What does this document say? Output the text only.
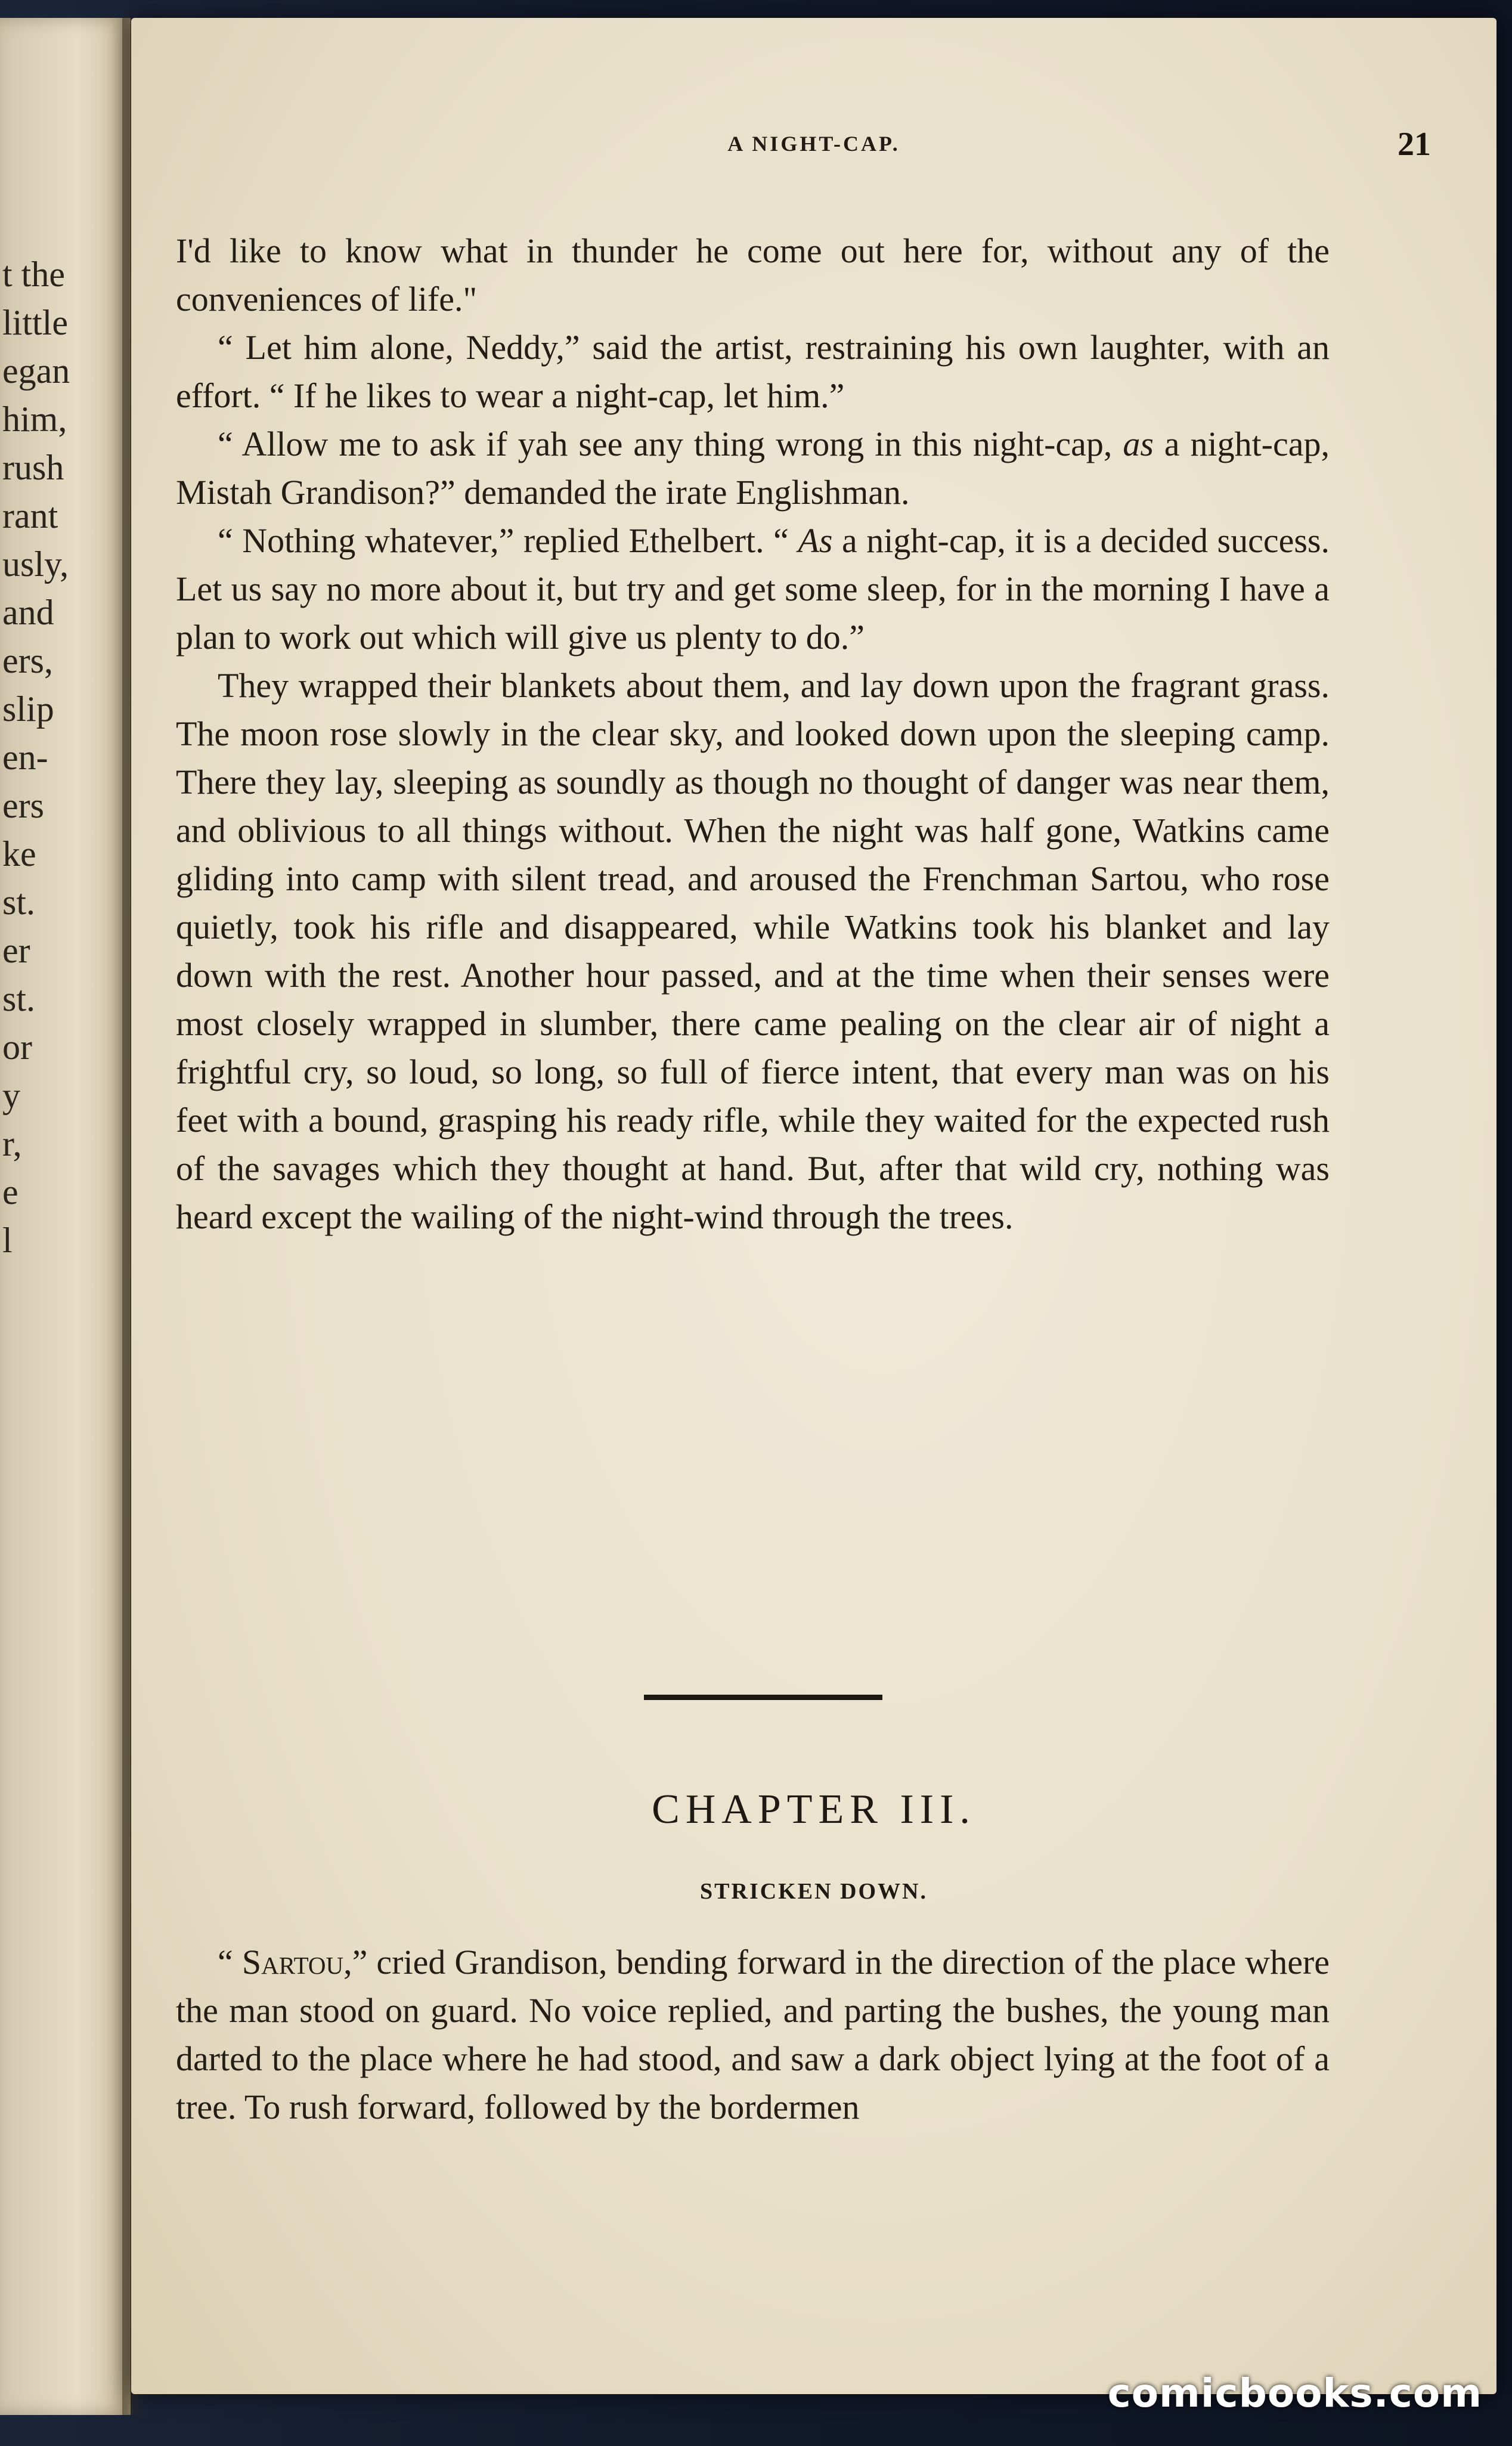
t the
little
egan
him,
rush
rant
usly,
and
ers,
slip
en-
ers
ke
st.
er
st.
or
y
r,
e
l
A NIGHT-CAP.	21

I'd like to know what in thunder he come out here for, without any of the conveniences of life."

“ Let him alone, Neddy,” said the artist, restraining his own laughter, with an effort. “ If he likes to wear a night-cap, let him.”

“ Allow me to ask if yah see any thing wrong in this night-cap, as a night-cap, Mistah Grandison?” demanded the irate Englishman.

“ Nothing whatever,” replied Ethelbert. “ As a night-cap, it is a decided success. Let us say no more about it, but try and get some sleep, for in the morning I have a plan to work out which will give us plenty to do.”

They wrapped their blankets about them, and lay down upon the fragrant grass. The moon rose slowly in the clear sky, and looked down upon the sleeping camp. There they lay, sleeping as soundly as though no thought of danger was near them, and oblivious to all things without. When the night was half gone, Watkins came gliding into camp with silent tread, and aroused the Frenchman Sartou, who rose quietly, took his rifle and disappeared, while Watkins took his blanket and lay down with the rest. Another hour passed, and at the time when their senses were most closely wrapped in slumber, there came pealing on the clear air of night a frightful cry, so loud, so long, so full of fierce intent, that every man was on his feet with a bound, grasping his ready rifle, while they waited for the expected rush of the savages which they thought at hand. But, after that wild cry, nothing was heard except the wailing of the night-wind through the trees.

CHAPTER III.
STRICKEN DOWN.

“ Sartou,” cried Grandison, bending forward in the direction of the place where the man stood on guard. No voice replied, and parting the bushes, the young man darted to the place where he had stood, and saw a dark object lying at the foot of a tree. To rush forward, followed by the bordermen

comicbooks.com
